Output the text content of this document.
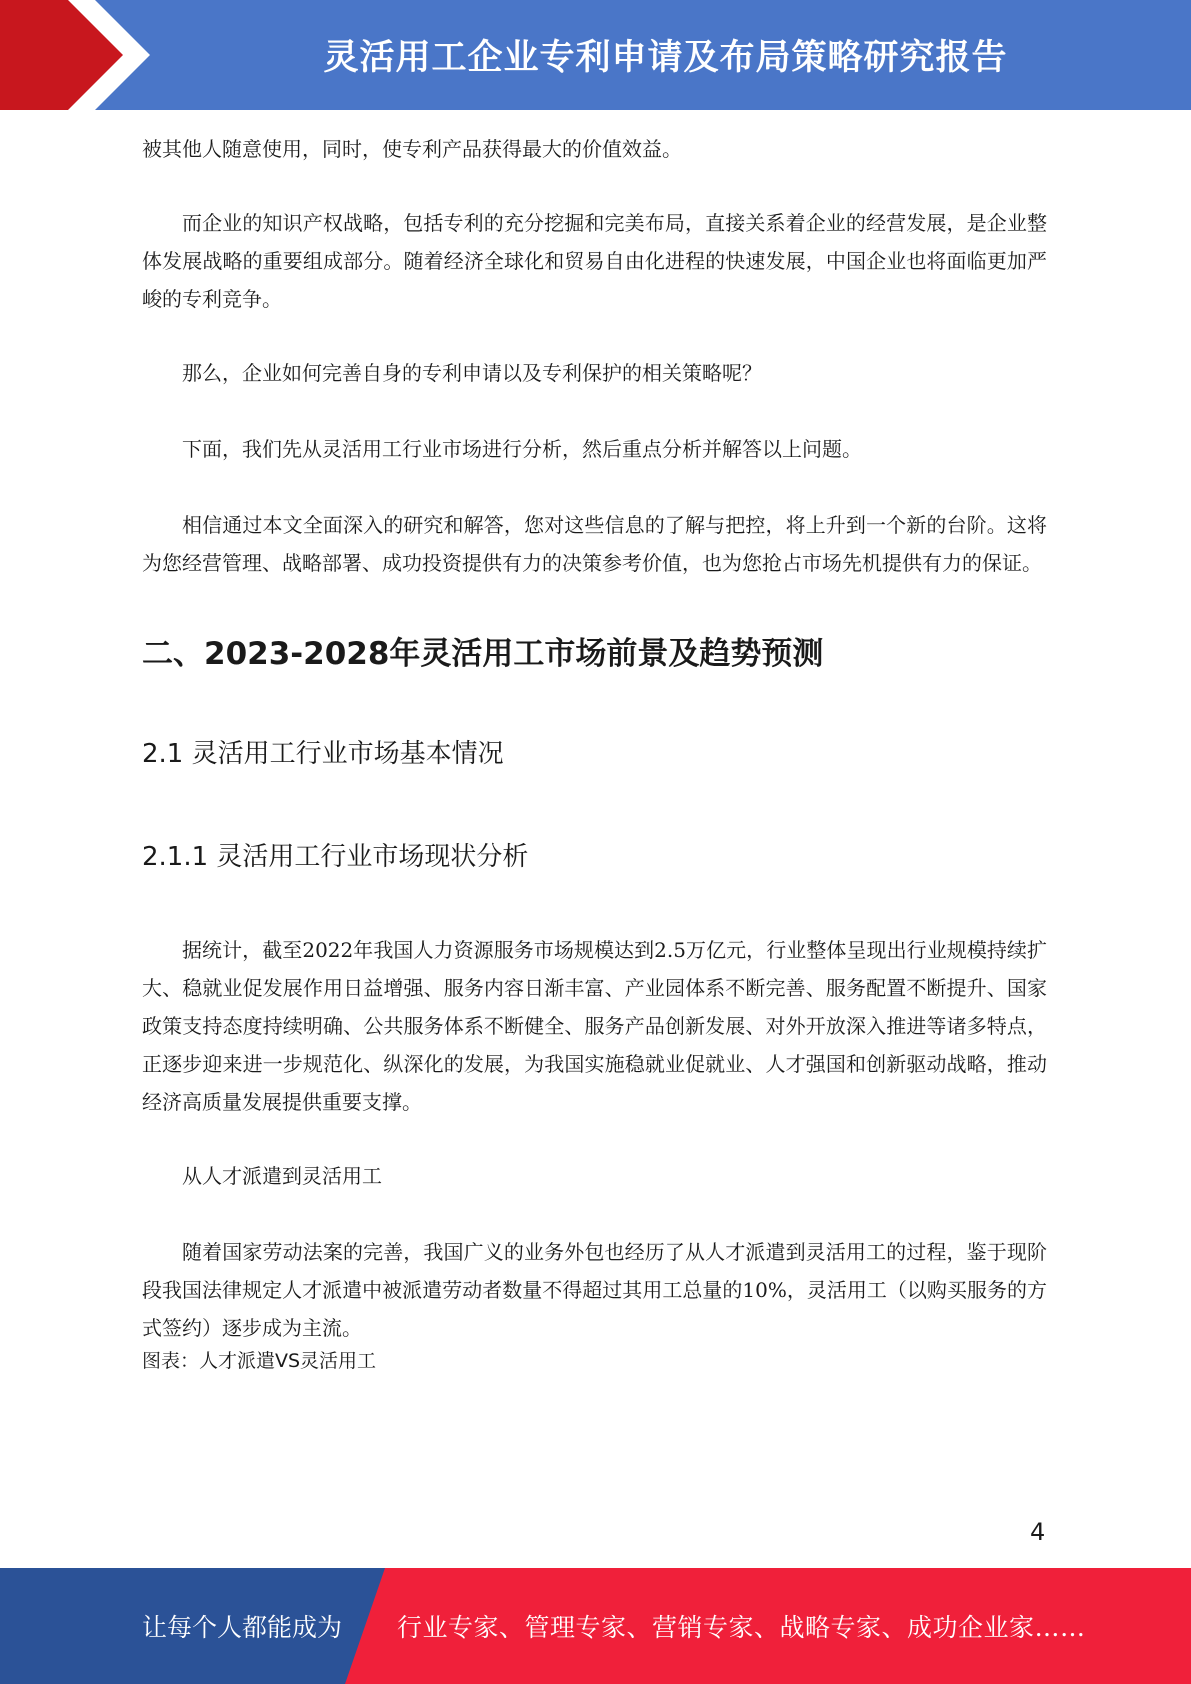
灵活用工企业专利申请及布局策略研究报告

被其他人随意使用，同时，使专利产品获得最大的价值效益。

而企业的知识产权战略，包括专利的充分挖掘和完美布局，直接关系着企业的经营发展，是企业整体发展战略的重要组成部分。随着经济全球化和贸易自由化进程的快速发展，中国企业也将面临更加严峻的专利竞争。

那么，企业如何完善自身的专利申请以及专利保护的相关策略呢？

下面，我们先从灵活用工行业市场进行分析，然后重点分析并解答以上问题。

相信通过本文全面深入的研究和解答，您对这些信息的了解与把控，将上升到一个新的台阶。这将为您经营管理、战略部署、成功投资提供有力的决策参考价值，也为您抢占市场先机提供有力的保证。

二、2023-2028年灵活用工市场前景及趋势预测
2.1 灵活用工行业市场基本情况
2.1.1 灵活用工行业市场现状分析

据统计，截至2022年我国人力资源服务市场规模达到2.5万亿元，行业整体呈现出行业规模持续扩大、稳就业促发展作用日益增强、服务内容日渐丰富、产业园体系不断完善、服务配置不断提升、国家政策支持态度持续明确、公共服务体系不断健全、服务产品创新发展、对外开放深入推进等诸多特点，正逐步迎来进一步规范化、纵深化的发展，为我国实施稳就业促就业、人才强国和创新驱动战略，推动经济高质量发展提供重要支撑。

从人才派遣到灵活用工

随着国家劳动法案的完善，我国广义的业务外包也经历了从人才派遣到灵活用工的过程，鉴于现阶段我国法律规定人才派遣中被派遣劳动者数量不得超过其用工总量的10%，灵活用工（以购买服务的方式签约）逐步成为主流。

图表：人才派遣VS灵活用工

4
让每个人都能成为 行业专家、管理专家、营销专家、战略专家、成功企业家……
